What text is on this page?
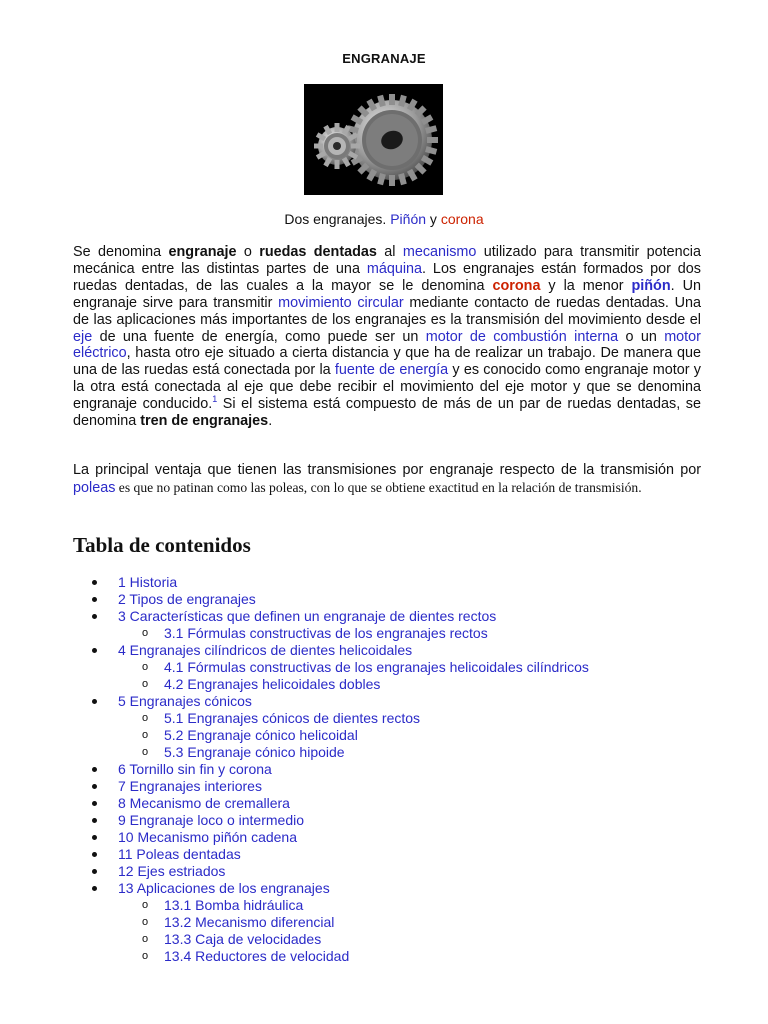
ENGRANAJE
Dos engranajes. Piñón y corona
Se denomina engranaje o ruedas dentadas al mecanismo utilizado para transmitir potencia mecánica entre las distintas partes de una máquina. Los engranajes están formados por dos ruedas dentadas, de las cuales a la mayor se le denomina corona y la menor piñón. Un engranaje sirve para transmitir movimiento circular mediante contacto de ruedas dentadas. Una de las aplicaciones más importantes de los engranajes es la transmisión del movimiento desde el eje de una fuente de energía, como puede ser un motor de combustión interna o un motor eléctrico, hasta otro eje situado a cierta distancia y que ha de realizar un trabajo. De manera que una de las ruedas está conectada por la fuente de energía y es conocido como engranaje motor y la otra está conectada al eje que debe recibir el movimiento del eje motor y que se denomina engranaje conducido.$^1$ Si el sistema está compuesto de más de un par de ruedas dentadas, se denomina tren de engranajes.
La principal ventaja que tienen las transmisiones por engranaje respecto de la transmisión por poleas es que no patinan como las poleas, con lo que se obtiene exactitud en la relación de transmisión.
Tabla de contenidos
1 Historia
2 Tipos de engranajes
3 Características que definen un engranaje de dientes rectos
o 3.1 Fórmulas constructivas de los engranajes rectos
4 Engranajes cilíndricos de dientes helicoidales
o 4.1 Fórmulas constructivas de los engranajes helicoidales cilíndricos
o 4.2 Engranajes helicoidales dobles
5 Engranajes cónicos
o 5.1 Engranajes cónicos de dientes rectos
o 5.2 Engranaje cónico helicoidal
o 5.3 Engranaje cónico hipoide
6 Tornillo sin fin y corona
7 Engranajes interiores
8 Mecanismo de cremallera
9 Engranaje loco o intermedio
10 Mecanismo piñón cadena
11 Poleas dentadas
12 Ejes estriados
13 Aplicaciones de los engranajes
o 13.1 Bomba hidráulica
o 13.2 Mecanismo diferencial
o 13.3 Caja de velocidades
o 13.4 Reductores de velocidad
